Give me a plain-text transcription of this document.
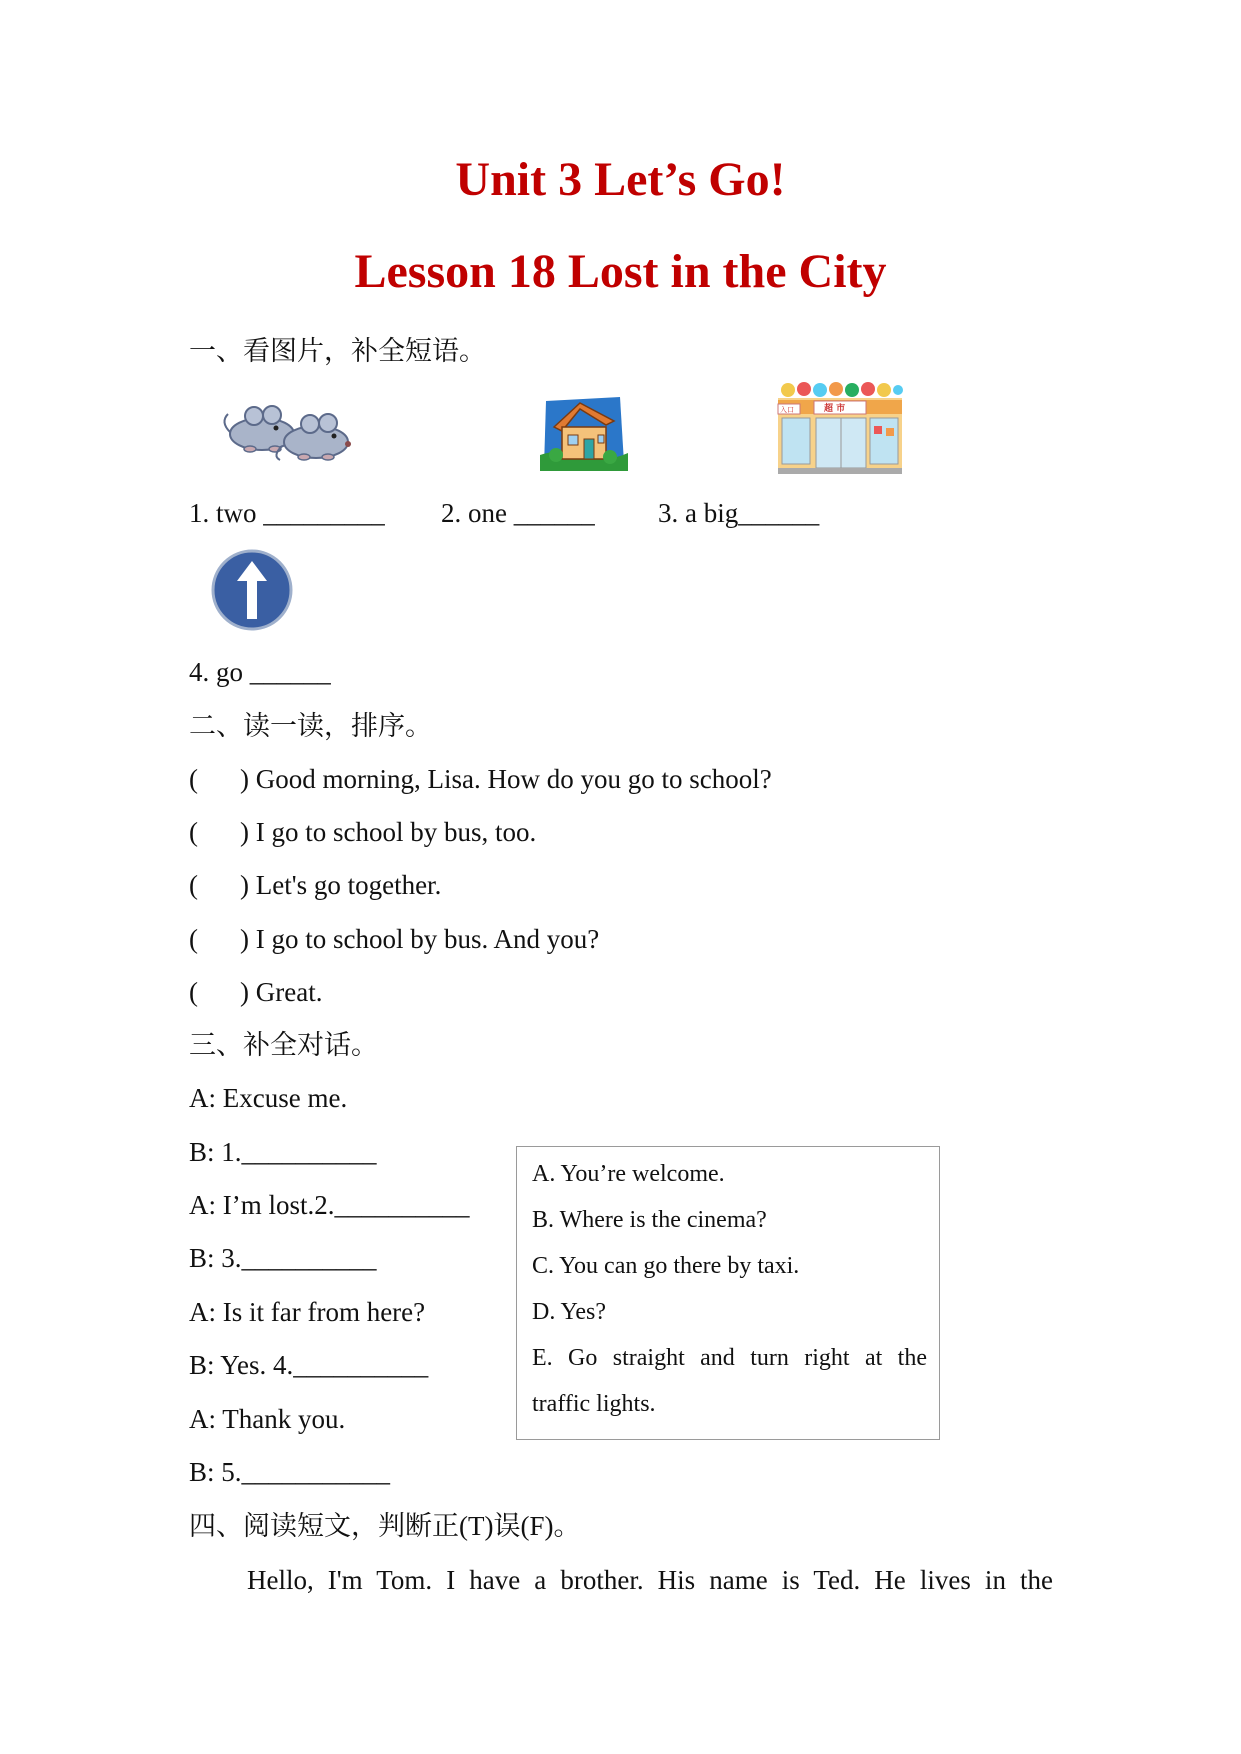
Unit 3 Let’s Go!
Lesson 18 Lost in the City
一、看图片，补全短语。
入口	超 市
1. two _________ 2. one ______ 3. a big______
4. go ______
二、读一读，排序。
( ) Good morning, Lisa. How do you go to school?
( ) I go to school by bus, too.
( ) Let's go together.
( ) I go to school by bus. And you?
( ) Great.
三、补全对话。
A: Excuse me.
B: 1.__________
A: I’m lost.2.__________
B: 3.__________
A: Is it far from here?
B: Yes. 4.__________
A: Thank you.
B: 5.___________
A. You’re welcome.
B. Where is the cinema?
C. You can go there by taxi.
D. Yes?
E. Go straight and turn right at the
traffic lights.
四、阅读短文，判断正(T)误(F)。
Hello, I'm Tom. I have a brother. His name is Ted. He lives in the
